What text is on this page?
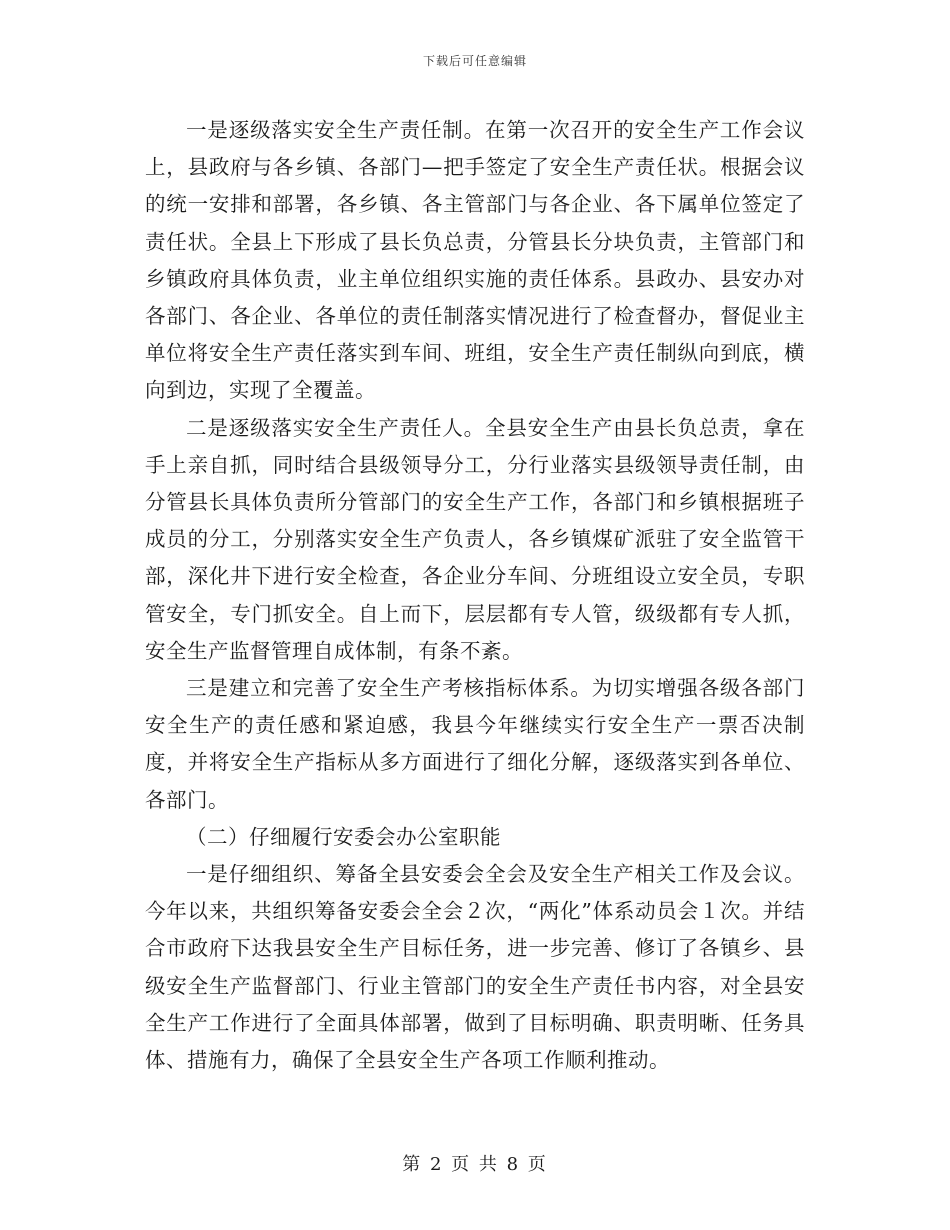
下载后可任意编辑

一是逐级落实安全生产责任制。在第一次召开的安全生产工作会议上，县政府与各乡镇、各部门—把手签定了安全生产责任状。根据会议的统一安排和部署，各乡镇、各主管部门与各企业、各下属单位签定了责任状。全县上下形成了县长负总责，分管县长分块负责，主管部门和乡镇政府具体负责，业主单位组织实施的责任体系。县政办、县安办对各部门、各企业、各单位的责任制落实情况进行了检查督办，督促业主单位将安全生产责任落实到车间、班组，安全生产责任制纵向到底，横向到边，实现了全覆盖。

二是逐级落实安全生产责任人。全县安全生产由县长负总责，拿在手上亲自抓，同时结合县级领导分工，分行业落实县级领导责任制，由分管县长具体负责所分管部门的安全生产工作，各部门和乡镇根据班子成员的分工，分别落实安全生产负责人，各乡镇煤矿派驻了安全监管干部，深化井下进行安全检查，各企业分车间、分班组设立安全员，专职管安全，专门抓安全。自上而下，层层都有专人管，级级都有专人抓，安全生产监督管理自成体制，有条不紊。

三是建立和完善了安全生产考核指标体系。为切实增强各级各部门安全生产的责任感和紧迫感，我县今年继续实行安全生产一票否决制度，并将安全生产指标从多方面进行了细化分解，逐级落实到各单位、各部门。

（二）仔细履行安委会办公室职能

一是仔细组织、筹备全县安委会全会及安全生产相关工作及会议。今年以来，共组织筹备安委会全会２次，“两化”体系动员会１次。并结合市政府下达我县安全生产目标任务，进一步完善、修订了各镇乡、县级安全生产监督部门、行业主管部门的安全生产责任书内容，对全县安全生产工作进行了全面具体部署，做到了目标明确、职责明晰、任务具体、措施有力，确保了全县安全生产各项工作顺利推动。

第 2 页 共 8 页
